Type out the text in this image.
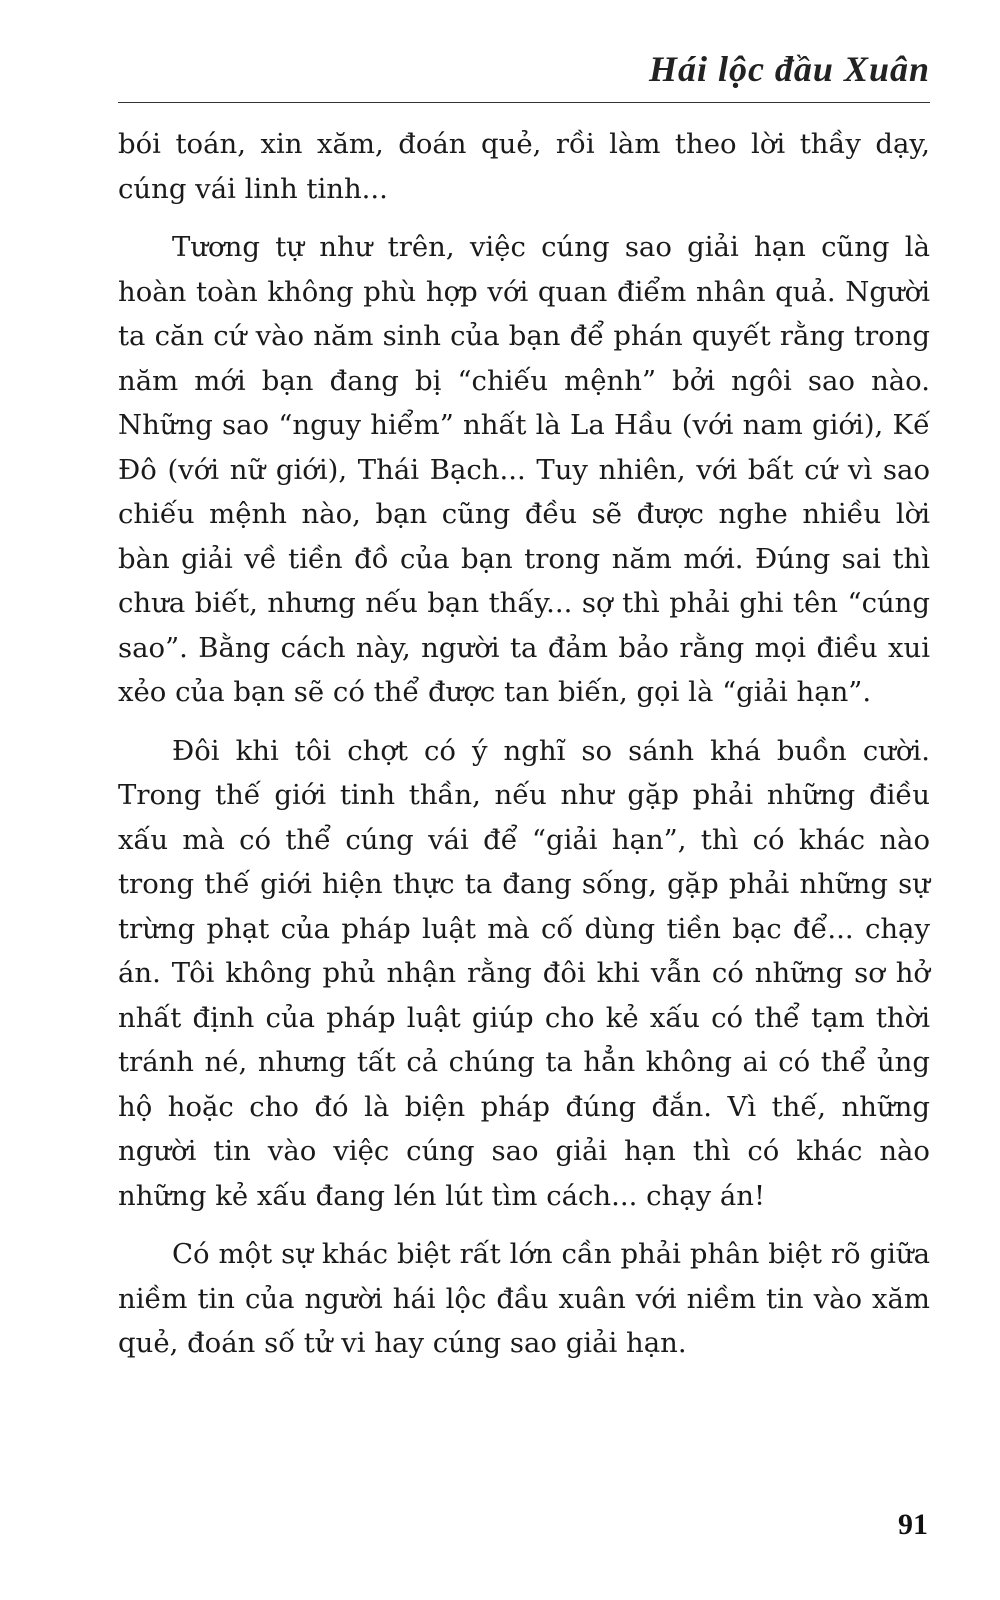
Hái lộc đầu Xuân

bói toán, xin xăm, đoán quẻ, rồi làm theo lời thầy dạy, cúng vái linh tinh...

Tương tự như trên, việc cúng sao giải hạn cũng là hoàn toàn không phù hợp với quan điểm nhân quả. Người ta căn cứ vào năm sinh của bạn để phán quyết rằng trong năm mới bạn đang bị “chiếu mệnh” bởi ngôi sao nào. Những sao “nguy hiểm” nhất là La Hầu (với nam giới), Kế Đô (với nữ giới), Thái Bạch... Tuy nhiên, với bất cứ vì sao chiếu mệnh nào, bạn cũng đều sẽ được nghe nhiều lời bàn giải về tiền đồ của bạn trong năm mới. Đúng sai thì chưa biết, nhưng nếu bạn thấy... sợ thì phải ghi tên “cúng sao”. Bằng cách này, người ta đảm bảo rằng mọi điều xui xẻo của bạn sẽ có thể được tan biến, gọi là “giải hạn”.

Đôi khi tôi chợt có ý nghĩ so sánh khá buồn cười. Trong thế giới tinh thần, nếu như gặp phải những điều xấu mà có thể cúng vái để “giải hạn”, thì có khác nào trong thế giới hiện thực ta đang sống, gặp phải những sự trừng phạt của pháp luật mà cố dùng tiền bạc để... chạy án. Tôi không phủ nhận rằng đôi khi vẫn có những sơ hở nhất định của pháp luật giúp cho kẻ xấu có thể tạm thời tránh né, nhưng tất cả chúng ta hẳn không ai có thể ủng hộ hoặc cho đó là biện pháp đúng đắn. Vì thế, những người tin vào việc cúng sao giải hạn thì có khác nào những kẻ xấu đang lén lút tìm cách... chạy án!

Có một sự khác biệt rất lớn cần phải phân biệt rõ giữa niềm tin của người hái lộc đầu xuân với niềm tin vào xăm quẻ, đoán số tử vi hay cúng sao giải hạn.

91
